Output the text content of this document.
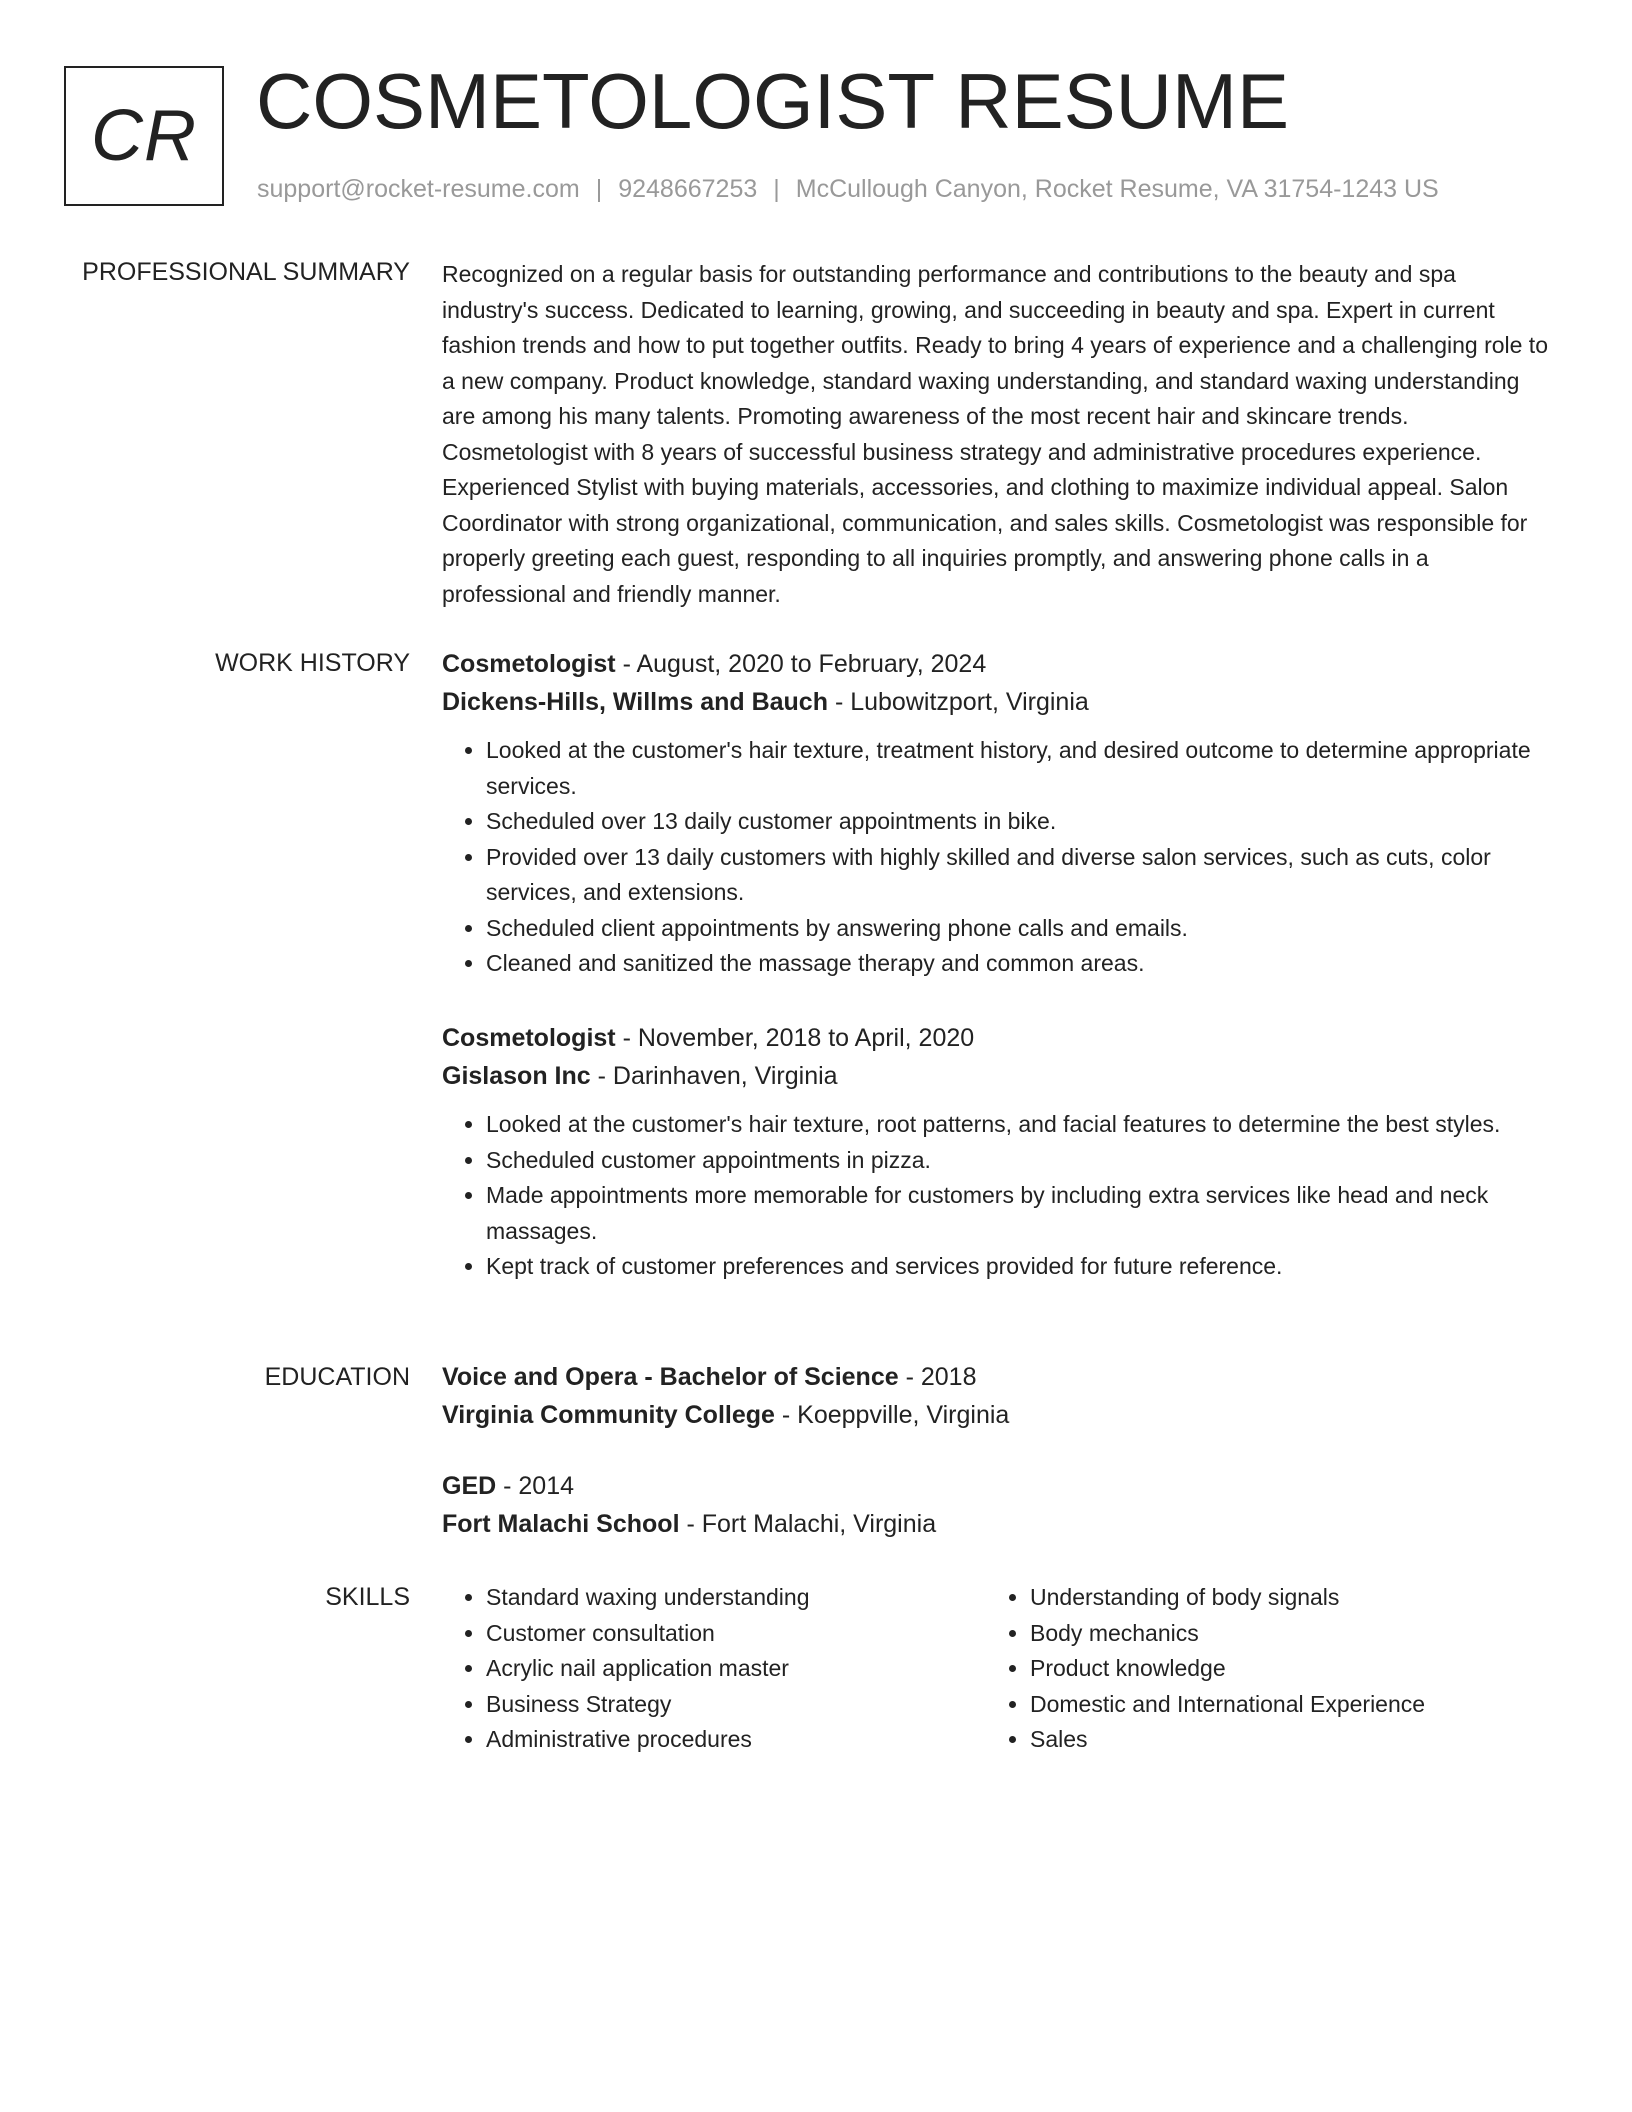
CR COSMETOLOGIST RESUME
support@rocket-resume.com | 9248667253 | McCullough Canyon, Rocket Resume, VA 31754-1243 US
PROFESSIONAL SUMMARY Recognized on a regular basis for outstanding performance and contributions to the beauty and spa industry's success. Dedicated to learning, growing, and succeeding in beauty and spa. Expert in current fashion trends and how to put together outfits. Ready to bring 4 years of experience and a challenging role to a new company. Product knowledge, standard waxing understanding, and standard waxing understanding are among his many talents. Promoting awareness of the most recent hair and skincare trends. Cosmetologist with 8 years of successful business strategy and administrative procedures experience. Experienced Stylist with buying materials, accessories, and clothing to maximize individual appeal. Salon Coordinator with strong organizational, communication, and sales skills. Cosmetologist was responsible for properly greeting each guest, responding to all inquiries promptly, and answering phone calls in a professional and friendly manner.

WORK HISTORY Cosmetologist - August, 2020 to February, 2024
Dickens-Hills, Willms and Bauch - Lubowitzport, Virginia
• Looked at the customer's hair texture, treatment history, and desired outcome to determine appropriate services.
• Scheduled over 13 daily customer appointments in bike.
• Provided over 13 daily customers with highly skilled and diverse salon services, such as cuts, color services, and extensions.
• Scheduled client appointments by answering phone calls and emails.
• Cleaned and sanitized the massage therapy and common areas.
Cosmetologist - November, 2018 to April, 2020
Gislason Inc - Darinhaven, Virginia
• Looked at the customer's hair texture, root patterns, and facial features to determine the best styles.
• Scheduled customer appointments in pizza.
• Made appointments more memorable for customers by including extra services like head and neck massages.
• Kept track of customer preferences and services provided for future reference.
EDUCATION Voice and Opera - Bachelor of Science - 2018
Virginia Community College - Koeppville, Virginia
GED - 2014
Fort Malachi School - Fort Malachi, Virginia
SKILLS
•	Standard waxing understanding
• Customer consultation
• Acrylic nail application master
• Business Strategy
• Administrative procedures
• Understanding of body signals
• Body mechanics
• Product knowledge
• Domestic and International Experience
• Sales
